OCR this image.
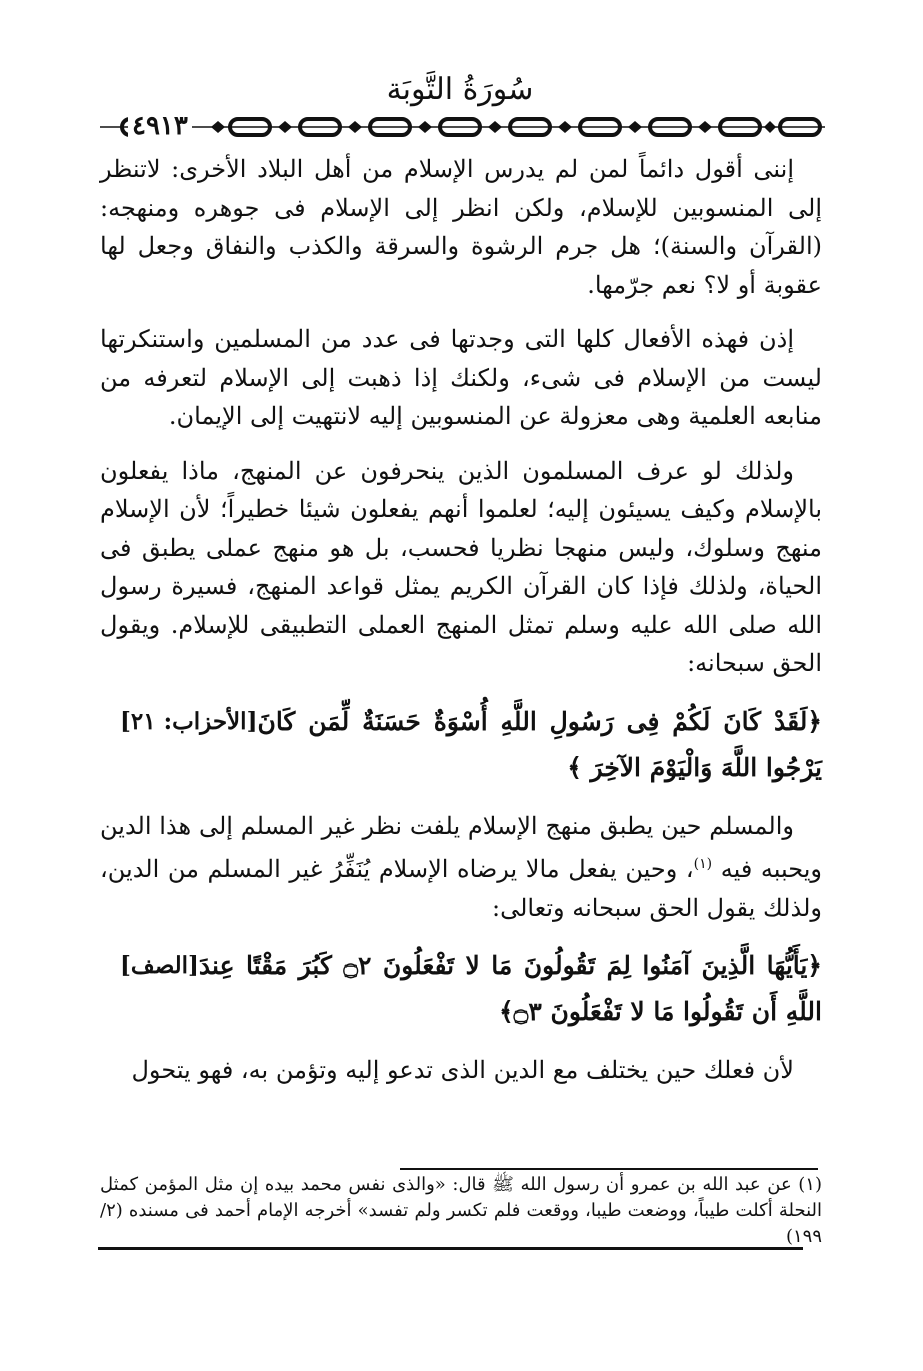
سُورَةُ التَّوبَة
٤٩١٣

إننى أقول دائماً لمن لم يدرس الإسلام من أهل البلاد الأخرى: لاتنظر إلى المنسوبين للإسلام، ولكن انظر إلى الإسلام فى جوهره ومنهجه: (القرآن والسنة)؛ هل جرم الرشوة والسرقة والكذب والنفاق وجعل لها عقوبة أو لا؟ نعم جرّمها.

إذن فهذه الأفعال كلها التى وجدتها فى عدد من المسلمين واستنكرتها ليست من الإسلام فى شىء، ولكنك إذا ذهبت إلى الإسلام لتعرفه من منابعه العلمية وهى معزولة عن المنسوبين إليه لانتهيت إلى الإيمان.

ولذلك لو عرف المسلمون الذين ينحرفون عن المنهج، ماذا يفعلون بالإسلام وكيف يسيئون إليه؛ لعلموا أنهم يفعلون شيئا خطيراً؛ لأن الإسلام منهج وسلوك، وليس منهجا نظريا فحسب، بل هو منهج عملى يطبق فى الحياة، ولذلك فإذا كان القرآن الكريم يمثل قواعد المنهج، فسيرة رسول الله صلى الله عليه وسلم تمثل المنهج العملى التطبيقى للإسلام. ويقول الحق سبحانه:

[الأحزاب: ٢١] ﴿لَقَدْ كَانَ لَكُمْ فِى رَسُولِ اللَّهِ أُسْوَةٌ حَسَنَةٌ لِّمَن كَانَ يَرْجُوا اللَّهَ وَالْيَوْمَ الآخِرَ ﴾

والمسلم حين يطبق منهج الإسلام يلفت نظر غير المسلم إلى هذا الدين ويحببه فيه $^{(١)}$، وحين يفعل مالا يرضاه الإسلام يُنَفِّرُ غير المسلم من الدين، ولذلك يقول الحق سبحانه وتعالى:

[الصف] ﴿يَأَيُّهَا الَّذِينَ آمَنُوا لِمَ تَقُولُونَ مَا لا تَفْعَلُونَ ۝٢ كَبُرَ مَقْتًا عِندَ اللَّهِ أَن تَقُولُوا مَا لا تَفْعَلُونَ ۝٣﴾

لأن فعلك حين يختلف مع الدين الذى تدعو إليه وتؤمن به، فهو يتحول

(١) عن عبد الله بن عمرو أن رسول الله ﷺ قال: «والذى نفس محمد بيده إن مثل المؤمن كمثل النحلة أكلت طيباً، ووضعت طيبا، ووقعت فلم تكسر ولم تفسد» أخرجه الإمام أحمد فى مسنده (٢/ ١٩٩)
